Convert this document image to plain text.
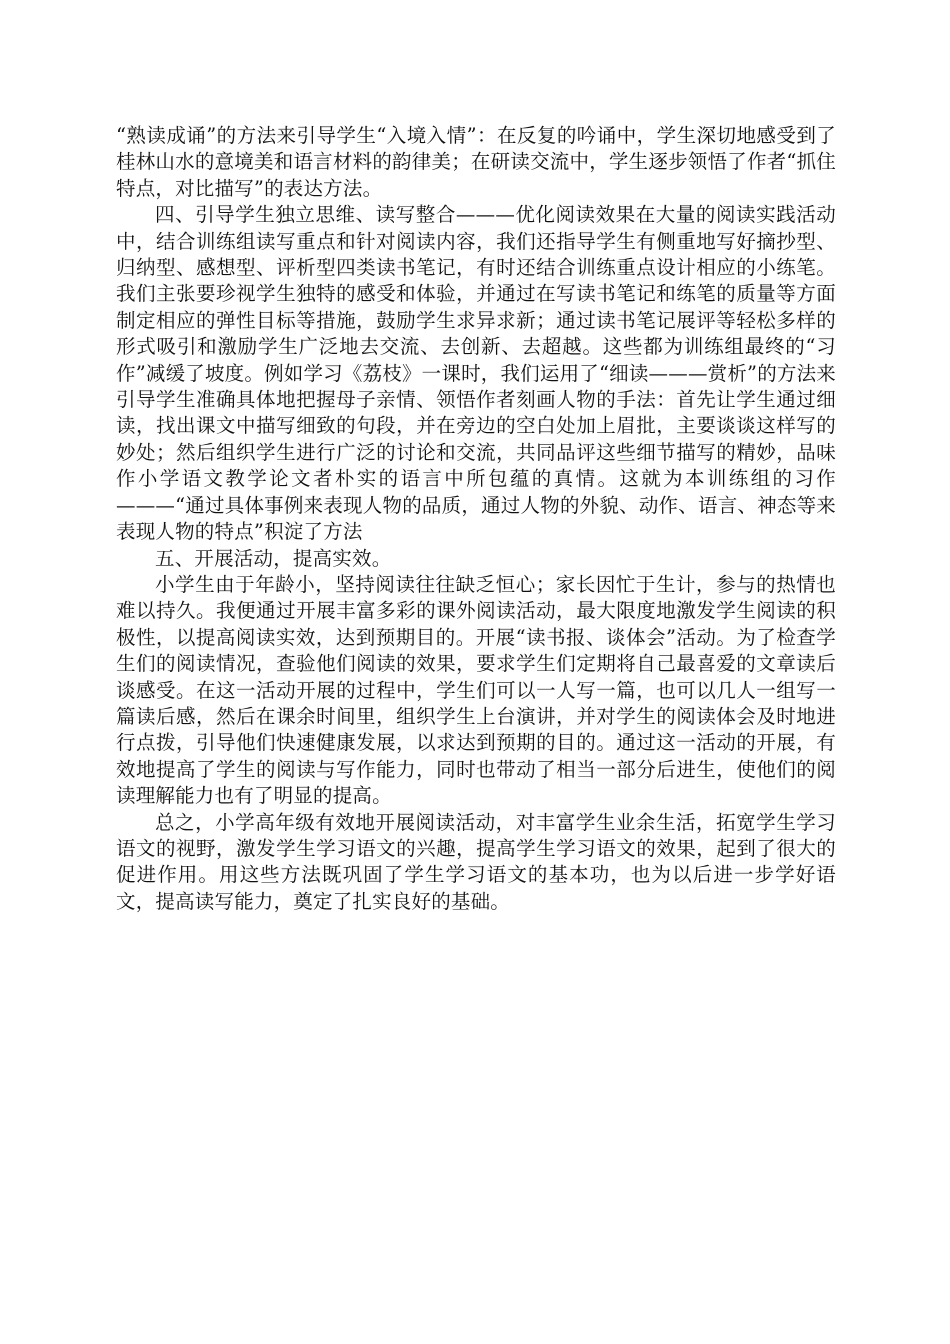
“熟读成诵”的方法来引导学生“入境入情”：在反复的吟诵中，学生深切地感受到了桂林山水的意境美和语言材料的韵律美；在研读交流中，学生逐步领悟了作者“抓住特点，对比描写”的表达方法。

四、引导学生独立思维、读写整合———优化阅读效果在大量的阅读实践活动中，结合训练组读写重点和针对阅读内容，我们还指导学生有侧重地写好摘抄型、归纳型、感想型、评析型四类读书笔记，有时还结合训练重点设计相应的小练笔。我们主张要珍视学生独特的感受和体验，并通过在写读书笔记和练笔的质量等方面制定相应的弹性目标等措施，鼓励学生求异求新；通过读书笔记展评等轻松多样的形式吸引和激励学生广泛地去交流、去创新、去超越。这些都为训练组最终的“习作”减缓了坡度。例如学习《荔枝》一课时，我们运用了“细读———赏析”的方法来引导学生准确具体地把握母子亲情、领悟作者刻画人物的手法：首先让学生通过细读，找出课文中描写细致的句段，并在旁边的空白处加上眉批，主要谈谈这样写的妙处；然后组织学生进行广泛的讨论和交流，共同品评这些细节描写的精妙，品味作小学语文教学论文者朴实的语言中所包蕴的真情。这就为本训练组的习作———“通过具体事例来表现人物的品质，通过人物的外貌、动作、语言、神态等来表现人物的特点”积淀了方法

五、开展活动，提高实效。

小学生由于年龄小，坚持阅读往往缺乏恒心；家长因忙于生计，参与的热情也难以持久。我便通过开展丰富多彩的课外阅读活动，最大限度地激发学生阅读的积极性，以提高阅读实效，达到预期目的。开展“读书报、谈体会”活动。为了检查学生们的阅读情况，查验他们阅读的效果，要求学生们定期将自己最喜爱的文章读后谈感受。在这一活动开展的过程中，学生们可以一人写一篇，也可以几人一组写一篇读后感，然后在课余时间里，组织学生上台演讲，并对学生的阅读体会及时地进行点拨，引导他们快速健康发展，以求达到预期的目的。通过这一活动的开展，有效地提高了学生的阅读与写作能力，同时也带动了相当一部分后进生，使他们的阅读理解能力也有了明显的提高。

总之，小学高年级有效地开展阅读活动，对丰富学生业余生活，拓宽学生学习语文的视野，激发学生学习语文的兴趣，提高学生学习语文的效果，起到了很大的促进作用。用这些方法既巩固了学生学习语文的基本功，也为以后进一步学好语文，提高读写能力，奠定了扎实良好的基础。
